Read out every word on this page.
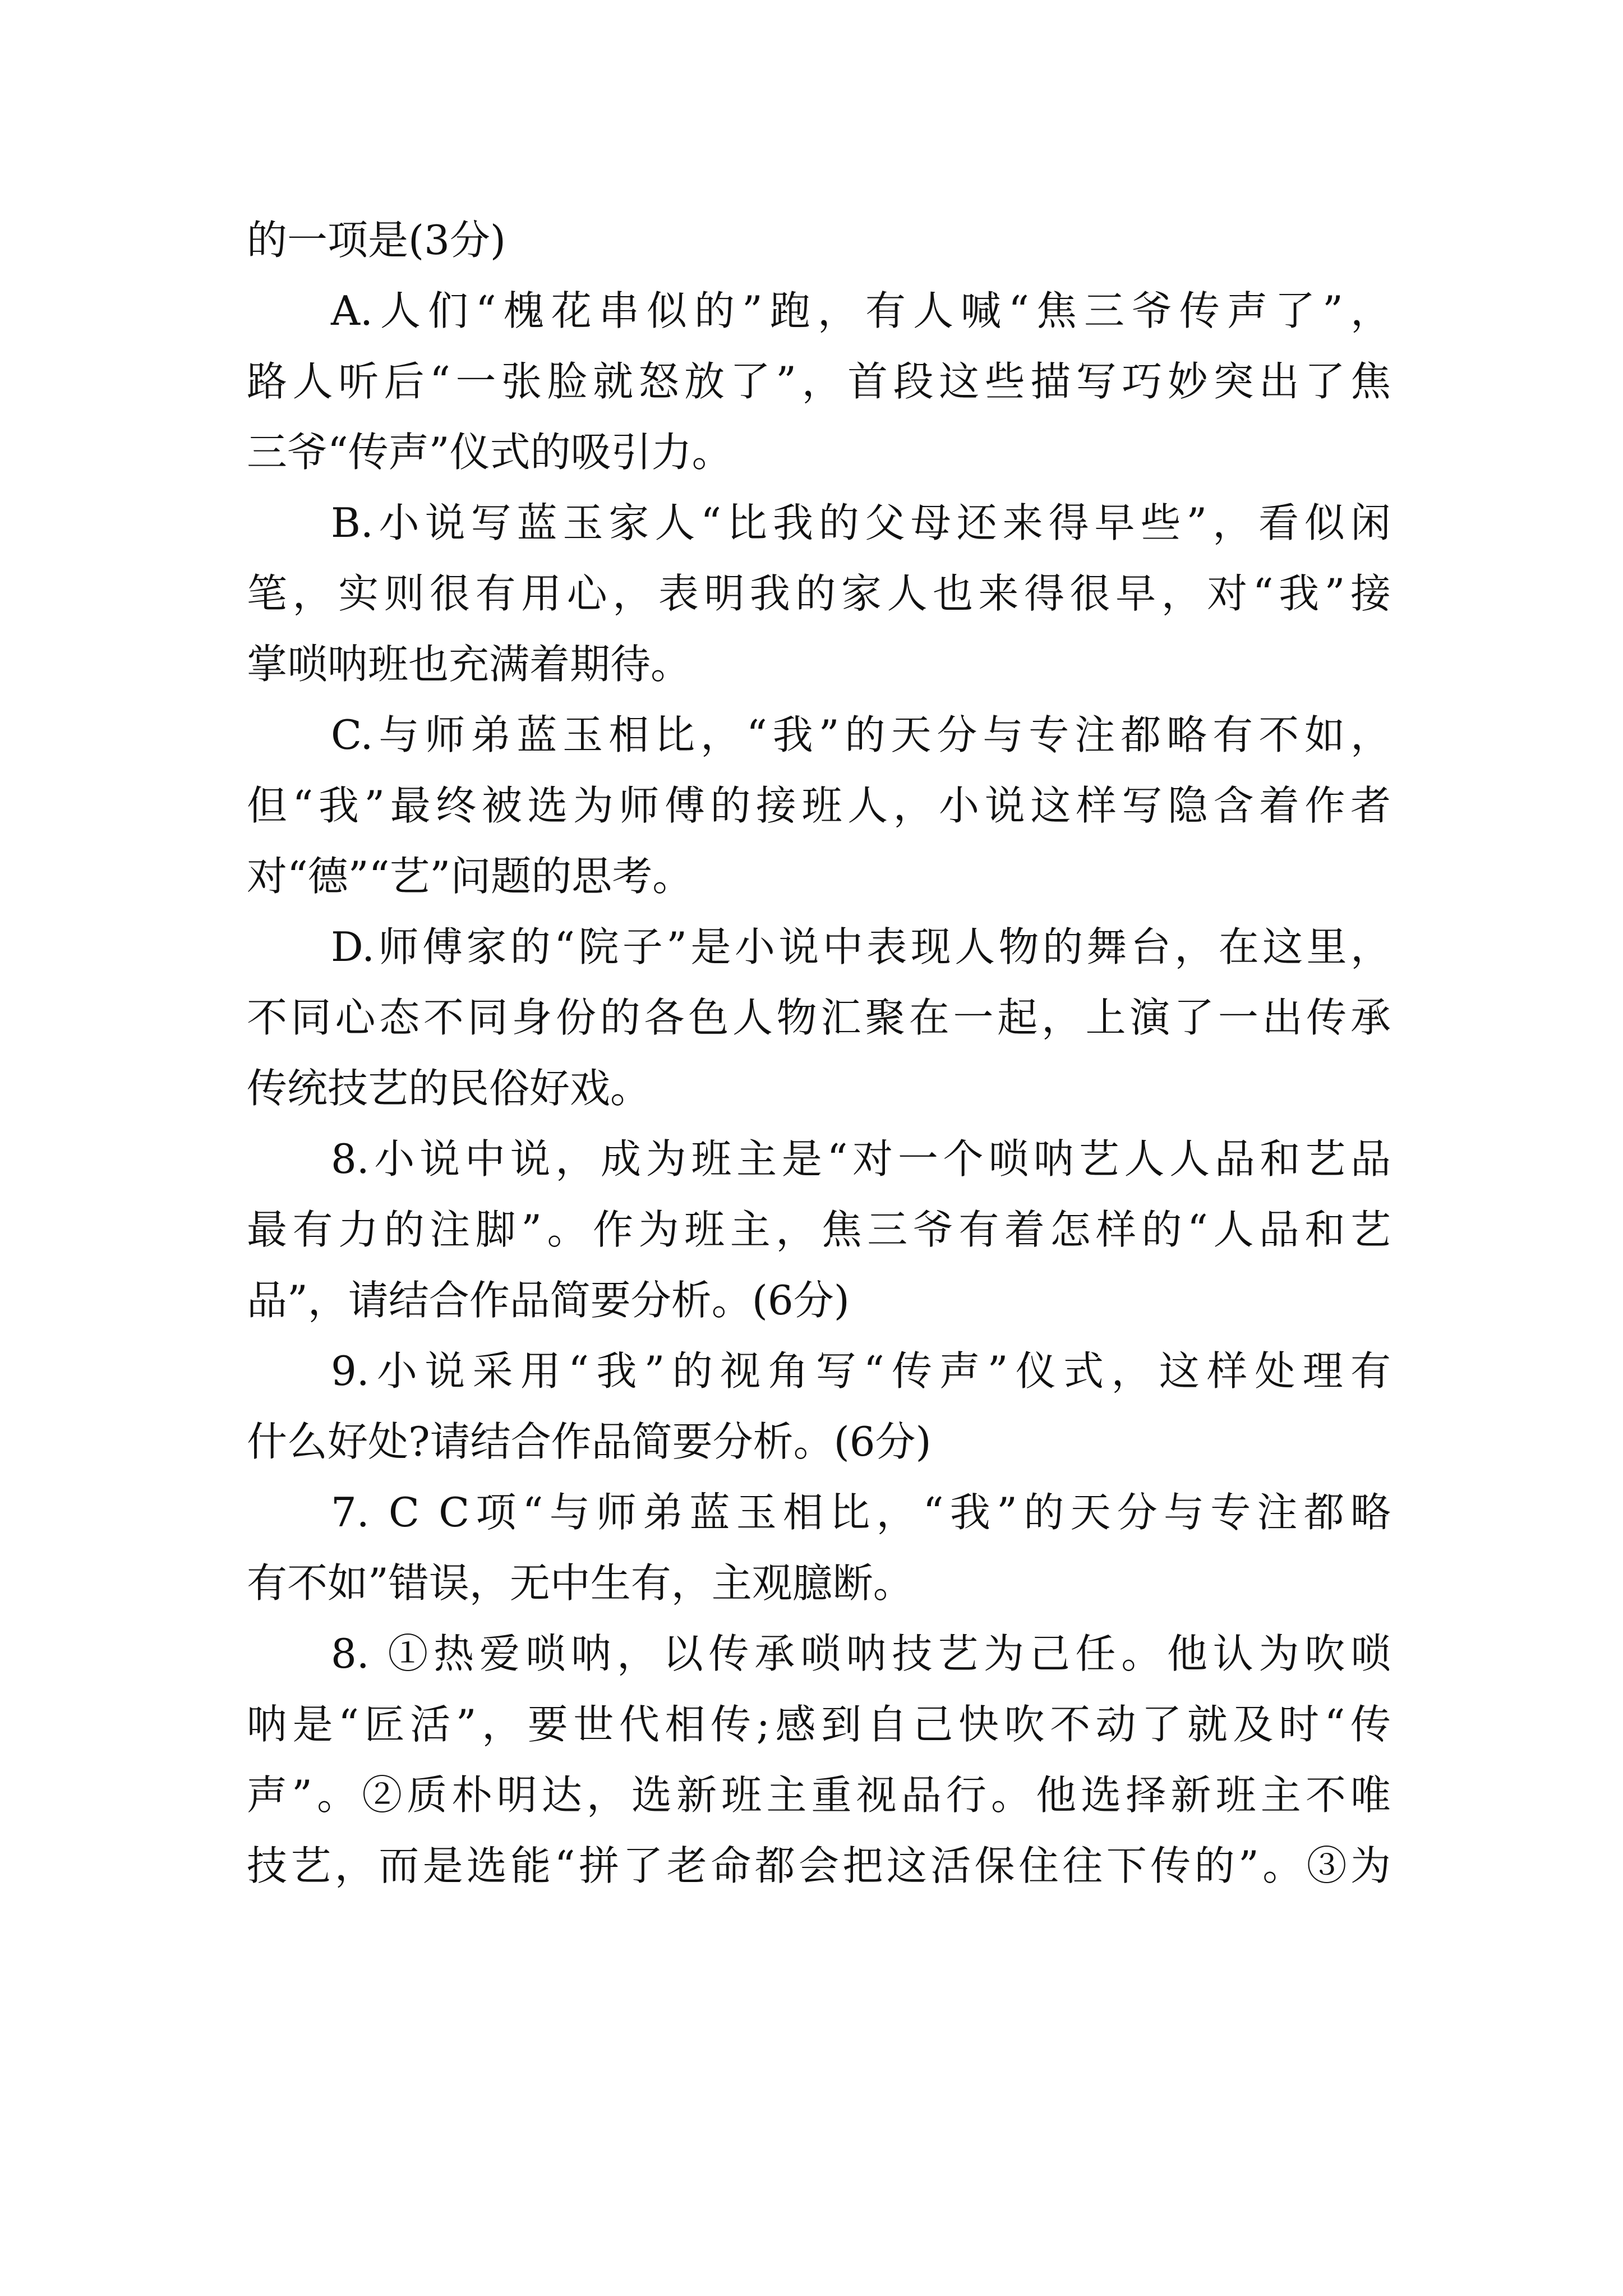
的一项是(3分)
A.人们“槐花串似的”跑，有人喊“焦三爷传声了”，
路人听后“一张脸就怒放了”，首段这些描写巧妙突出了焦
三爷“传声”仪式的吸引力。
B.小说写蓝玉家人“比我的父母还来得早些”，看似闲
笔，实则很有用心，表明我的家人也来得很早，对“我”接
掌唢呐班也充满着期待。
C.与师弟蓝玉相比，“我”的天分与专注都略有不如，
但“我”最终被选为师傅的接班人，小说这样写隐含着作者
对“德”“艺”问题的思考。
D.师傅家的“院子”是小说中表现人物的舞台，在这里，
不同心态不同身份的各色人物汇聚在一起，上演了一出传承
传统技艺的民俗好戏。
8.小说中说，成为班主是“对一个唢呐艺人人品和艺品
最有力的注脚”。作为班主，焦三爷有着怎样的“人品和艺
品”，请结合作品简要分析。(6分)
9.小说采用“我”的视角写“传声”仪式，这样处理有
什么好处?请结合作品简要分析。(6分)
7. C C项“与师弟蓝玉相比，“我”的天分与专注都略
有不如”错误，无中生有，主观臆断。
8. ①热爱唢呐，以传承唢呐技艺为己任。他认为吹唢
呐是“匠活”，要世代相传;感到自己快吹不动了就及时“传
声”。②质朴明达，选新班主重视品行。他选择新班主不唯
技艺，而是选能“拼了老命都会把这活保住往下传的”。③为
